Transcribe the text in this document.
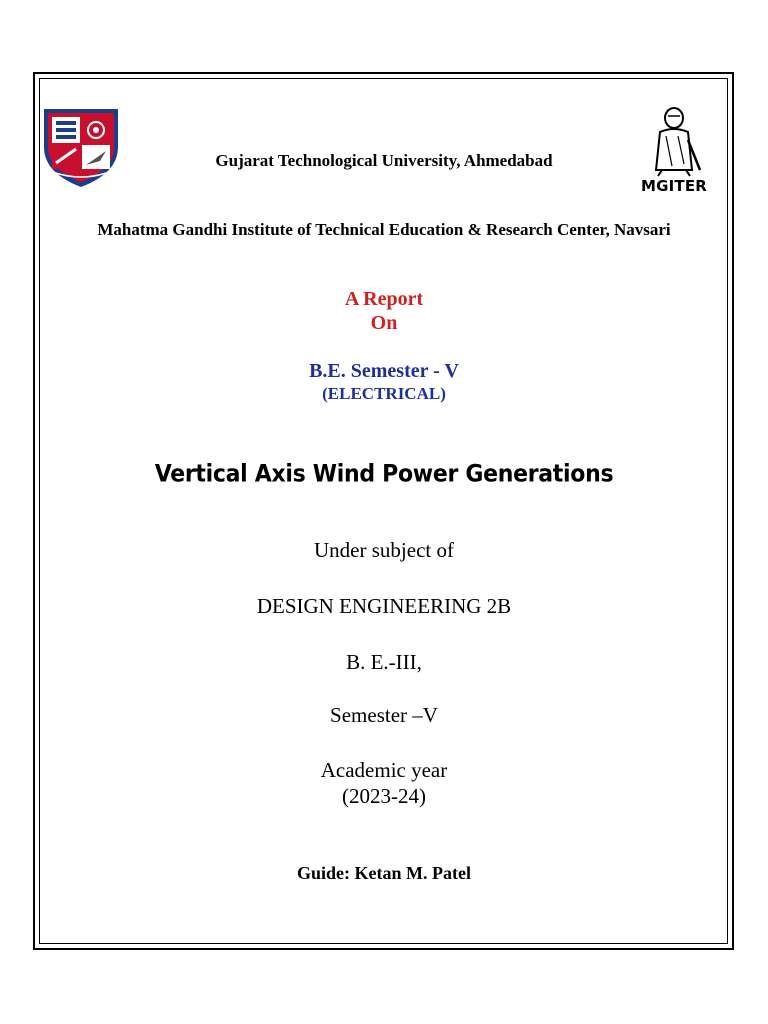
MGITER
Gujarat Technological University, Ahmedabad
Mahatma Gandhi Institute of Technical Education & Research Center, Navsari
A Report
On
B.E. Semester - V
(ELECTRICAL)
Vertical Axis Wind Power Generations
Under subject of
DESIGN ENGINEERING 2B
B. E.-III,
Semester –V
Academic year
(2023-24)
Guide: Ketan M. Patel
